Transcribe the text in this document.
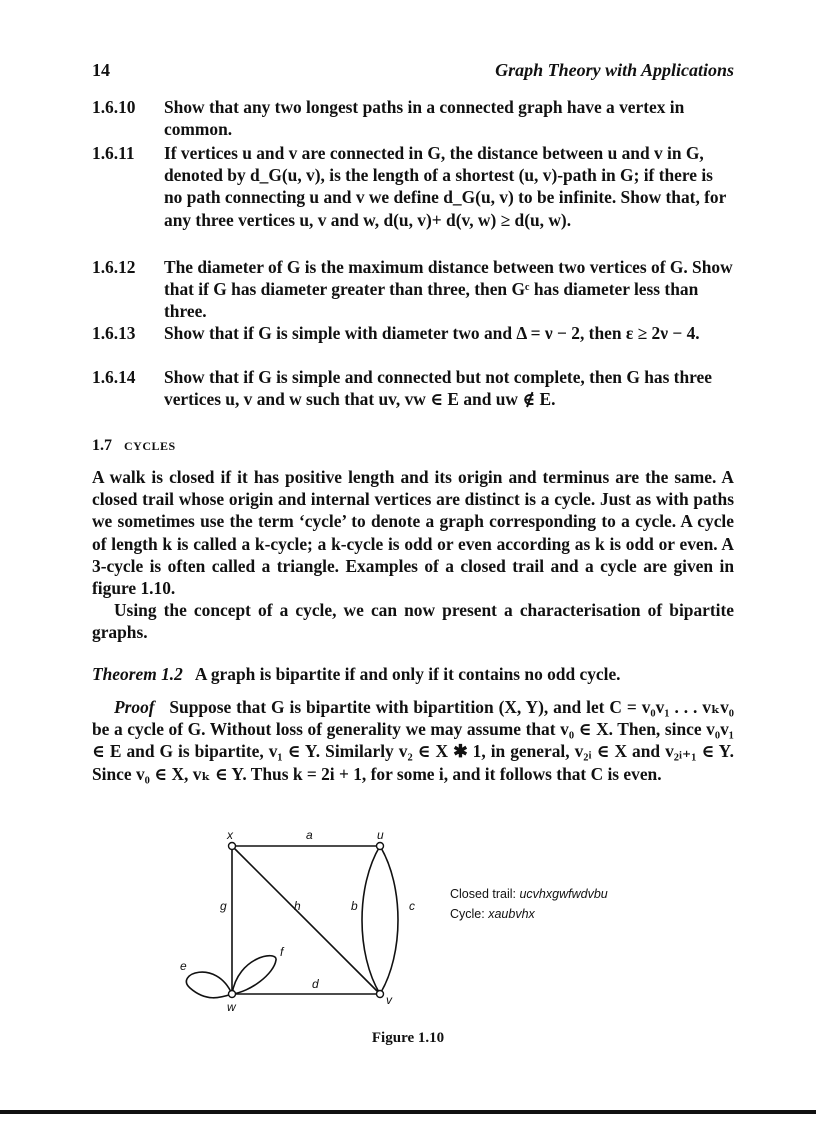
14	Graph Theory with Applications
1.6.10	Show that any two longest paths in a connected graph have a vertex in common.
1.6.11	If vertices u and v are connected in G, the distance between u and v in G, denoted by d_G(u, v), is the length of a shortest (u, v)-path in G; if there is no path connecting u and v we define d_G(u, v) to be infinite. Show that, for any three vertices u, v and w, d(u, v)+ d(v, w) ≥ d(u, w).
1.6.12	The diameter of G is the maximum distance between two vertices of G. Show that if G has diameter greater than three, then Gᶜ has diameter less than three.
1.6.13	Show that if G is simple with diameter two and Δ = ν − 2, then ε ≥ 2ν − 4.
1.6.14	Show that if G is simple and connected but not complete, then G has three vertices u, v and w such that uv, vw ∈ E and uw ∉ E.
1.7 CYCLES
A walk is closed if it has positive length and its origin and terminus are the same. A closed trail whose origin and internal vertices are distinct is a cycle. Just as with paths we sometimes use the term ‘cycle’ to denote a graph corresponding to a cycle. A cycle of length k is called a k-cycle; a k-cycle is odd or even according as k is odd or even. A 3-cycle is often called a triangle. Examples of a closed trail and a cycle are given in figure 1.10.
Using the concept of a cycle, we can now present a characterisation of bipartite graphs.
Theorem 1.2 A graph is bipartite if and only if it contains no odd cycle.
Proof Suppose that G is bipartite with bipartition (X, Y), and let C = v₀v₁ . . . vₖv₀ be a cycle of G. Without loss of generality we may assume that v₀ ∈ X. Then, since v₀v₁ ∈ E and G is bipartite, v₁ ∈ Y. Similarly v₂ ∈ X ✱ 1, in general, v₂ᵢ ∈ X and v₂ᵢ₊₁ ∈ Y. Since v₀ ∈ X, vₖ ∈ Y. Thus k = 2i + 1, for some i, and it follows that C is even.
x	u
w	v
a
b	c
d
e
f
g	h
Closed trail: ucvhxgwfwdvbu
Cycle: xaubvhx
Figure 1.10
